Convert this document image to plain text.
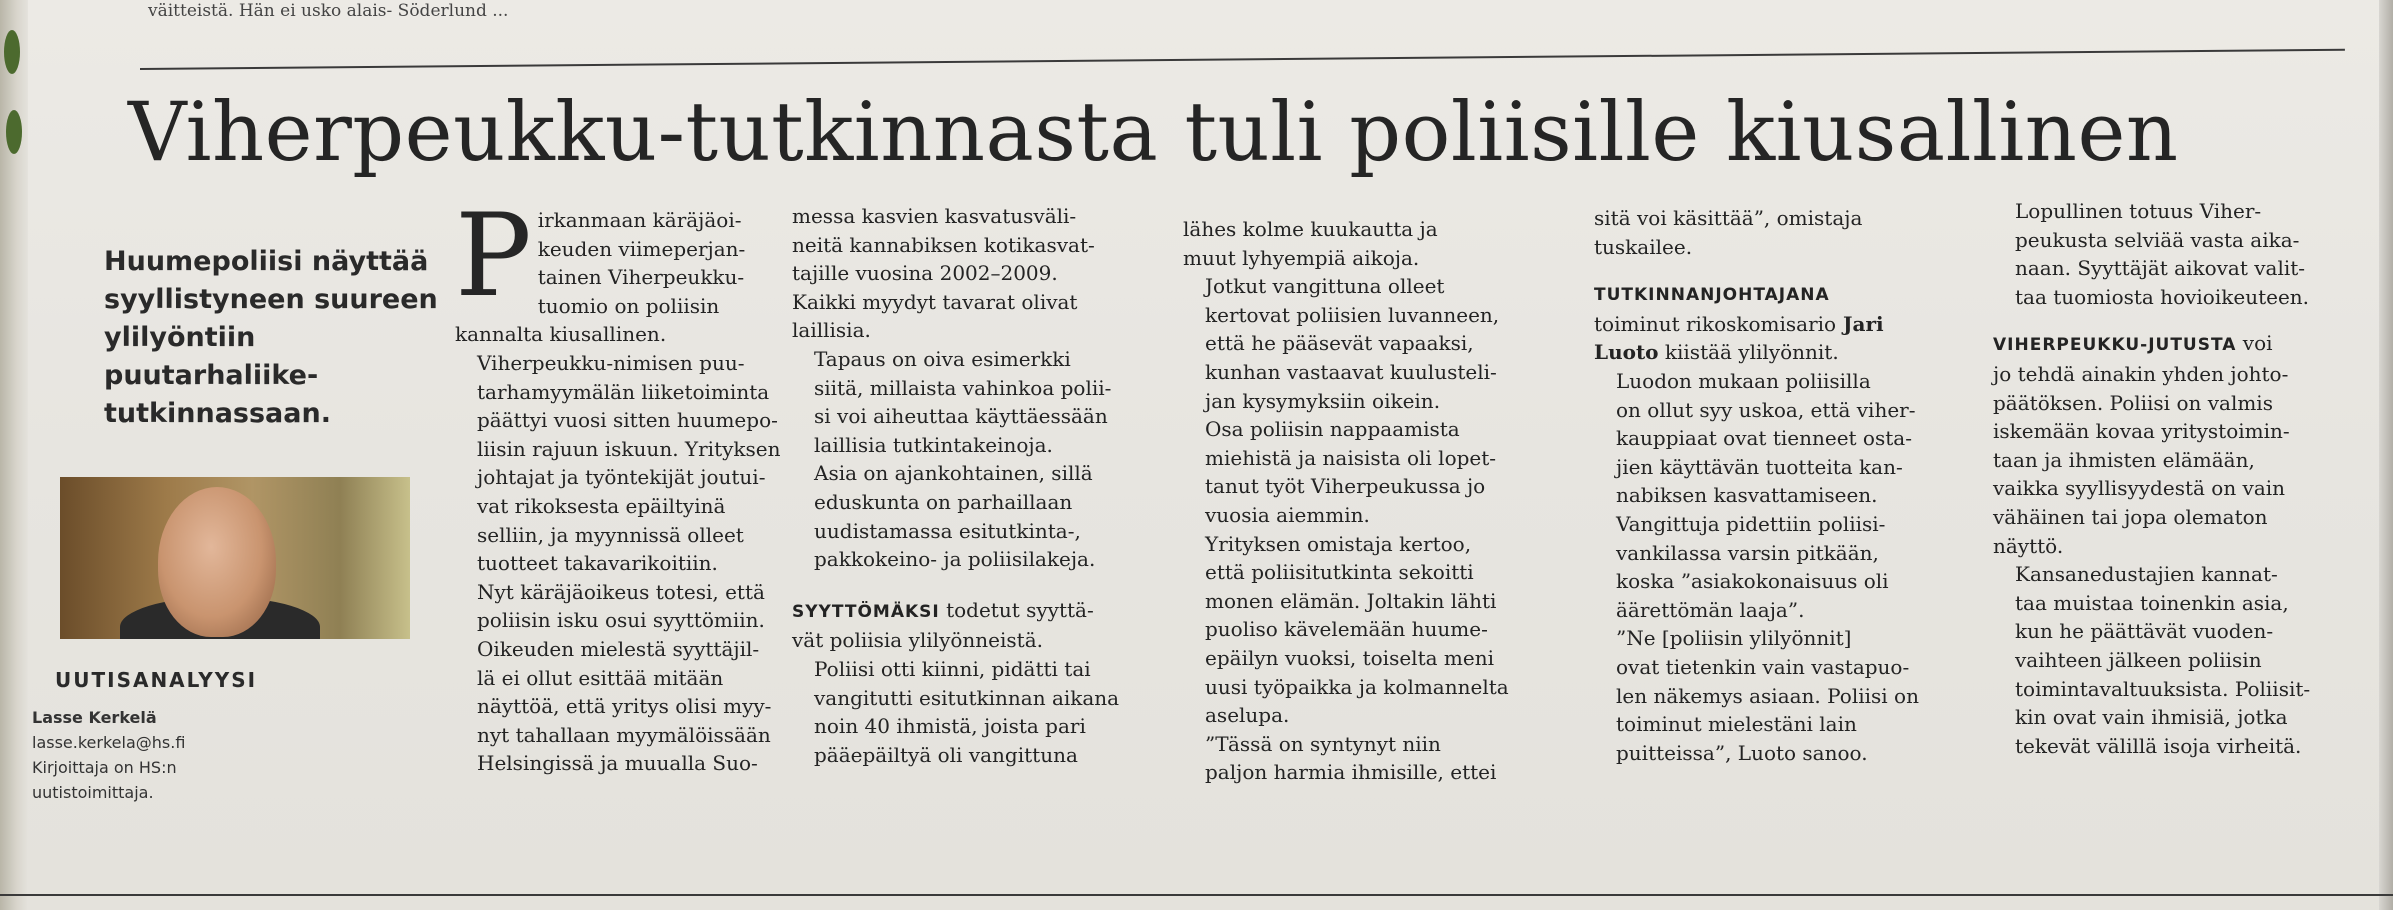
väitteistä. Hän ei usko alais- Söderlund ...
Viherpeukku-tutkinnasta tuli poliisille kiusallinen

Huumepoliisi näyttää syyllistyneen suureen ylilyöntiin puutarhaliike-tutkinnassaan.

UUTISANALYYSI
Lasse Kerkelä
lasse.kerkela@hs.fi
Kirjoittaja on HS:n
uutistoimittaja.
P irkanmaan käräjäoi-
keuden viimeperjan-
tainen Viherpeukku-
tuomio on poliisin

kannalta kiusallinen.

Viherpeukku-nimisen puu-
tarhamyymälän liiketoiminta
päättyi vuosi sitten huumepo-
liisin rajuun iskuun. Yrityksen
johtajat ja työntekijät joutui-
vat rikoksesta epäiltyinä
selliin, ja myynnissä olleet
tuotteet takavarikoitiin.

Nyt käräjäoikeus totesi, että
poliisin isku osui syyttömiin.

Oikeuden mielestä syyttäjil-
lä ei ollut esittää mitään
näyttöä, että yritys olisi myy-
nyt tahallaan myymälöissään
Helsingissä ja muualla Suo-

messa kasvien kasvatusväli-
neitä kannabiksen kotikasvat-
tajille vuosina 2002–2009.
Kaikki myydyt tavarat olivat
laillisia.

Tapaus on oiva esimerkki
siitä, millaista vahinkoa polii-
si voi aiheuttaa käyttäessään
laillisia tutkintakeinoja.

Asia on ajankohtainen, sillä
eduskunta on parhaillaan
uudistamassa esitutkinta-,
pakkokeino- ja poliisilakeja.

SYYTTÖMÄKSI todetut syyttä-
vät poliisia ylilyönneistä.

Poliisi otti kiinni, pidätti tai
vangitutti esitutkinnan aikana
noin 40 ihmistä, joista pari
pääepäiltyä oli vangittuna

lähes kolme kuukautta ja
muut lyhyempiä aikoja.

Jotkut vangittuna olleet
kertovat poliisien luvanneen,
että he pääsevät vapaaksi,
kunhan vastaavat kuulusteli-
jan kysymyksiin oikein.

Osa poliisin nappaamista
miehistä ja naisista oli lopet-
tanut työt Viherpeukussa jo
vuosia aiemmin.

Yrityksen omistaja kertoo,
että poliisitutkinta sekoitti
monen elämän. Joltakin lähti
puoliso kävelemään huume-
epäilyn vuoksi, toiselta meni
uusi työpaikka ja kolmannelta
aselupa.

”Tässä on syntynyt niin
paljon harmia ihmisille, ettei

sitä voi käsittää”, omistaja
tuskailee.

TUTKINNANJOHTAJANA
toiminut rikoskomisario Jari
Luoto kiistää ylilyönnit.

Luodon mukaan poliisilla
on ollut syy uskoa, että viher-
kauppiaat ovat tienneet osta-
jien käyttävän tuotteita kan-
nabiksen kasvattamiseen.

Vangittuja pidettiin poliisi-
vankilassa varsin pitkään,
koska ”asiakokonaisuus oli
äärettömän laaja”.

”Ne [poliisin ylilyönnit]
ovat tietenkin vain vastapuo-
len näkemys asiaan. Poliisi on
toiminut mielestäni lain
puitteissa”, Luoto sanoo.

Lopullinen totuus Viher-
peukusta selviää vasta aika-
naan. Syyttäjät aikovat valit-
taa tuomiosta hovioikeuteen.

VIHERPEUKKU-JUTUSTA voi
jo tehdä ainakin yhden johto-
päätöksen. Poliisi on valmis
iskemään kovaa yritystoimin-
taan ja ihmisten elämään,
vaikka syyllisyydestä on vain
vähäinen tai jopa olematon
näyttö.

Kansanedustajien kannat-
taa muistaa toinenkin asia,
kun he päättävät vuoden-
vaihteen jälkeen poliisin
toimintavaltuuksista. Poliisit-
kin ovat vain ihmisiä, jotka
tekevät välillä isoja virheitä.
